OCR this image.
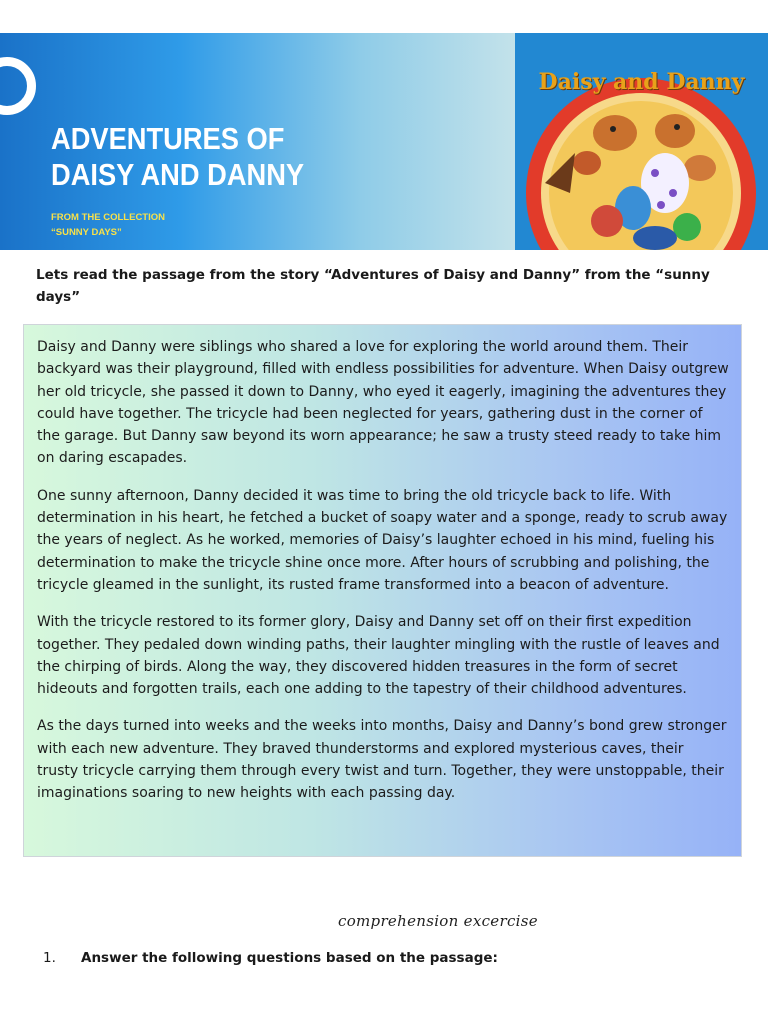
ADVENTURES OF DAISY AND DANNY
FROM THE COLLECTION
“SUNNY DAYS”
Daisy and Danny
Lets read the passage from the story “Adventures of Daisy and Danny” from the “sunny days”

Daisy and Danny were siblings who shared a love for exploring the world around them. Their backyard was their playground, filled with endless possibilities for adventure. When Daisy outgrew her old tricycle, she passed it down to Danny, who eyed it eagerly, imagining the adventures they could have together. The tricycle had been neglected for years, gathering dust in the corner of the garage. But Danny saw beyond its worn appearance; he saw a trusty steed ready to take him on daring escapades.

One sunny afternoon, Danny decided it was time to bring the old tricycle back to life. With determination in his heart, he fetched a bucket of soapy water and a sponge, ready to scrub away the years of neglect. As he worked, memories of Daisy’s laughter echoed in his mind, fueling his determination to make the tricycle shine once more. After hours of scrubbing and polishing, the tricycle gleamed in the sunlight, its rusted frame transformed into a beacon of adventure.

With the tricycle restored to its former glory, Daisy and Danny set off on their first expedition together. They pedaled down winding paths, their laughter mingling with the rustle of leaves and the chirping of birds. Along the way, they discovered hidden treasures in the form of secret hideouts and forgotten trails, each one adding to the tapestry of their childhood adventures.

As the days turned into weeks and the weeks into months, Daisy and Danny’s bond grew stronger with each new adventure. They braved thunderstorms and explored mysterious caves, their trusty tricycle carrying them through every twist and turn. Together, they were unstoppable, their imaginations soaring to new heights with each passing day.

comprehension excercise
1. Answer the following questions based on the passage:
